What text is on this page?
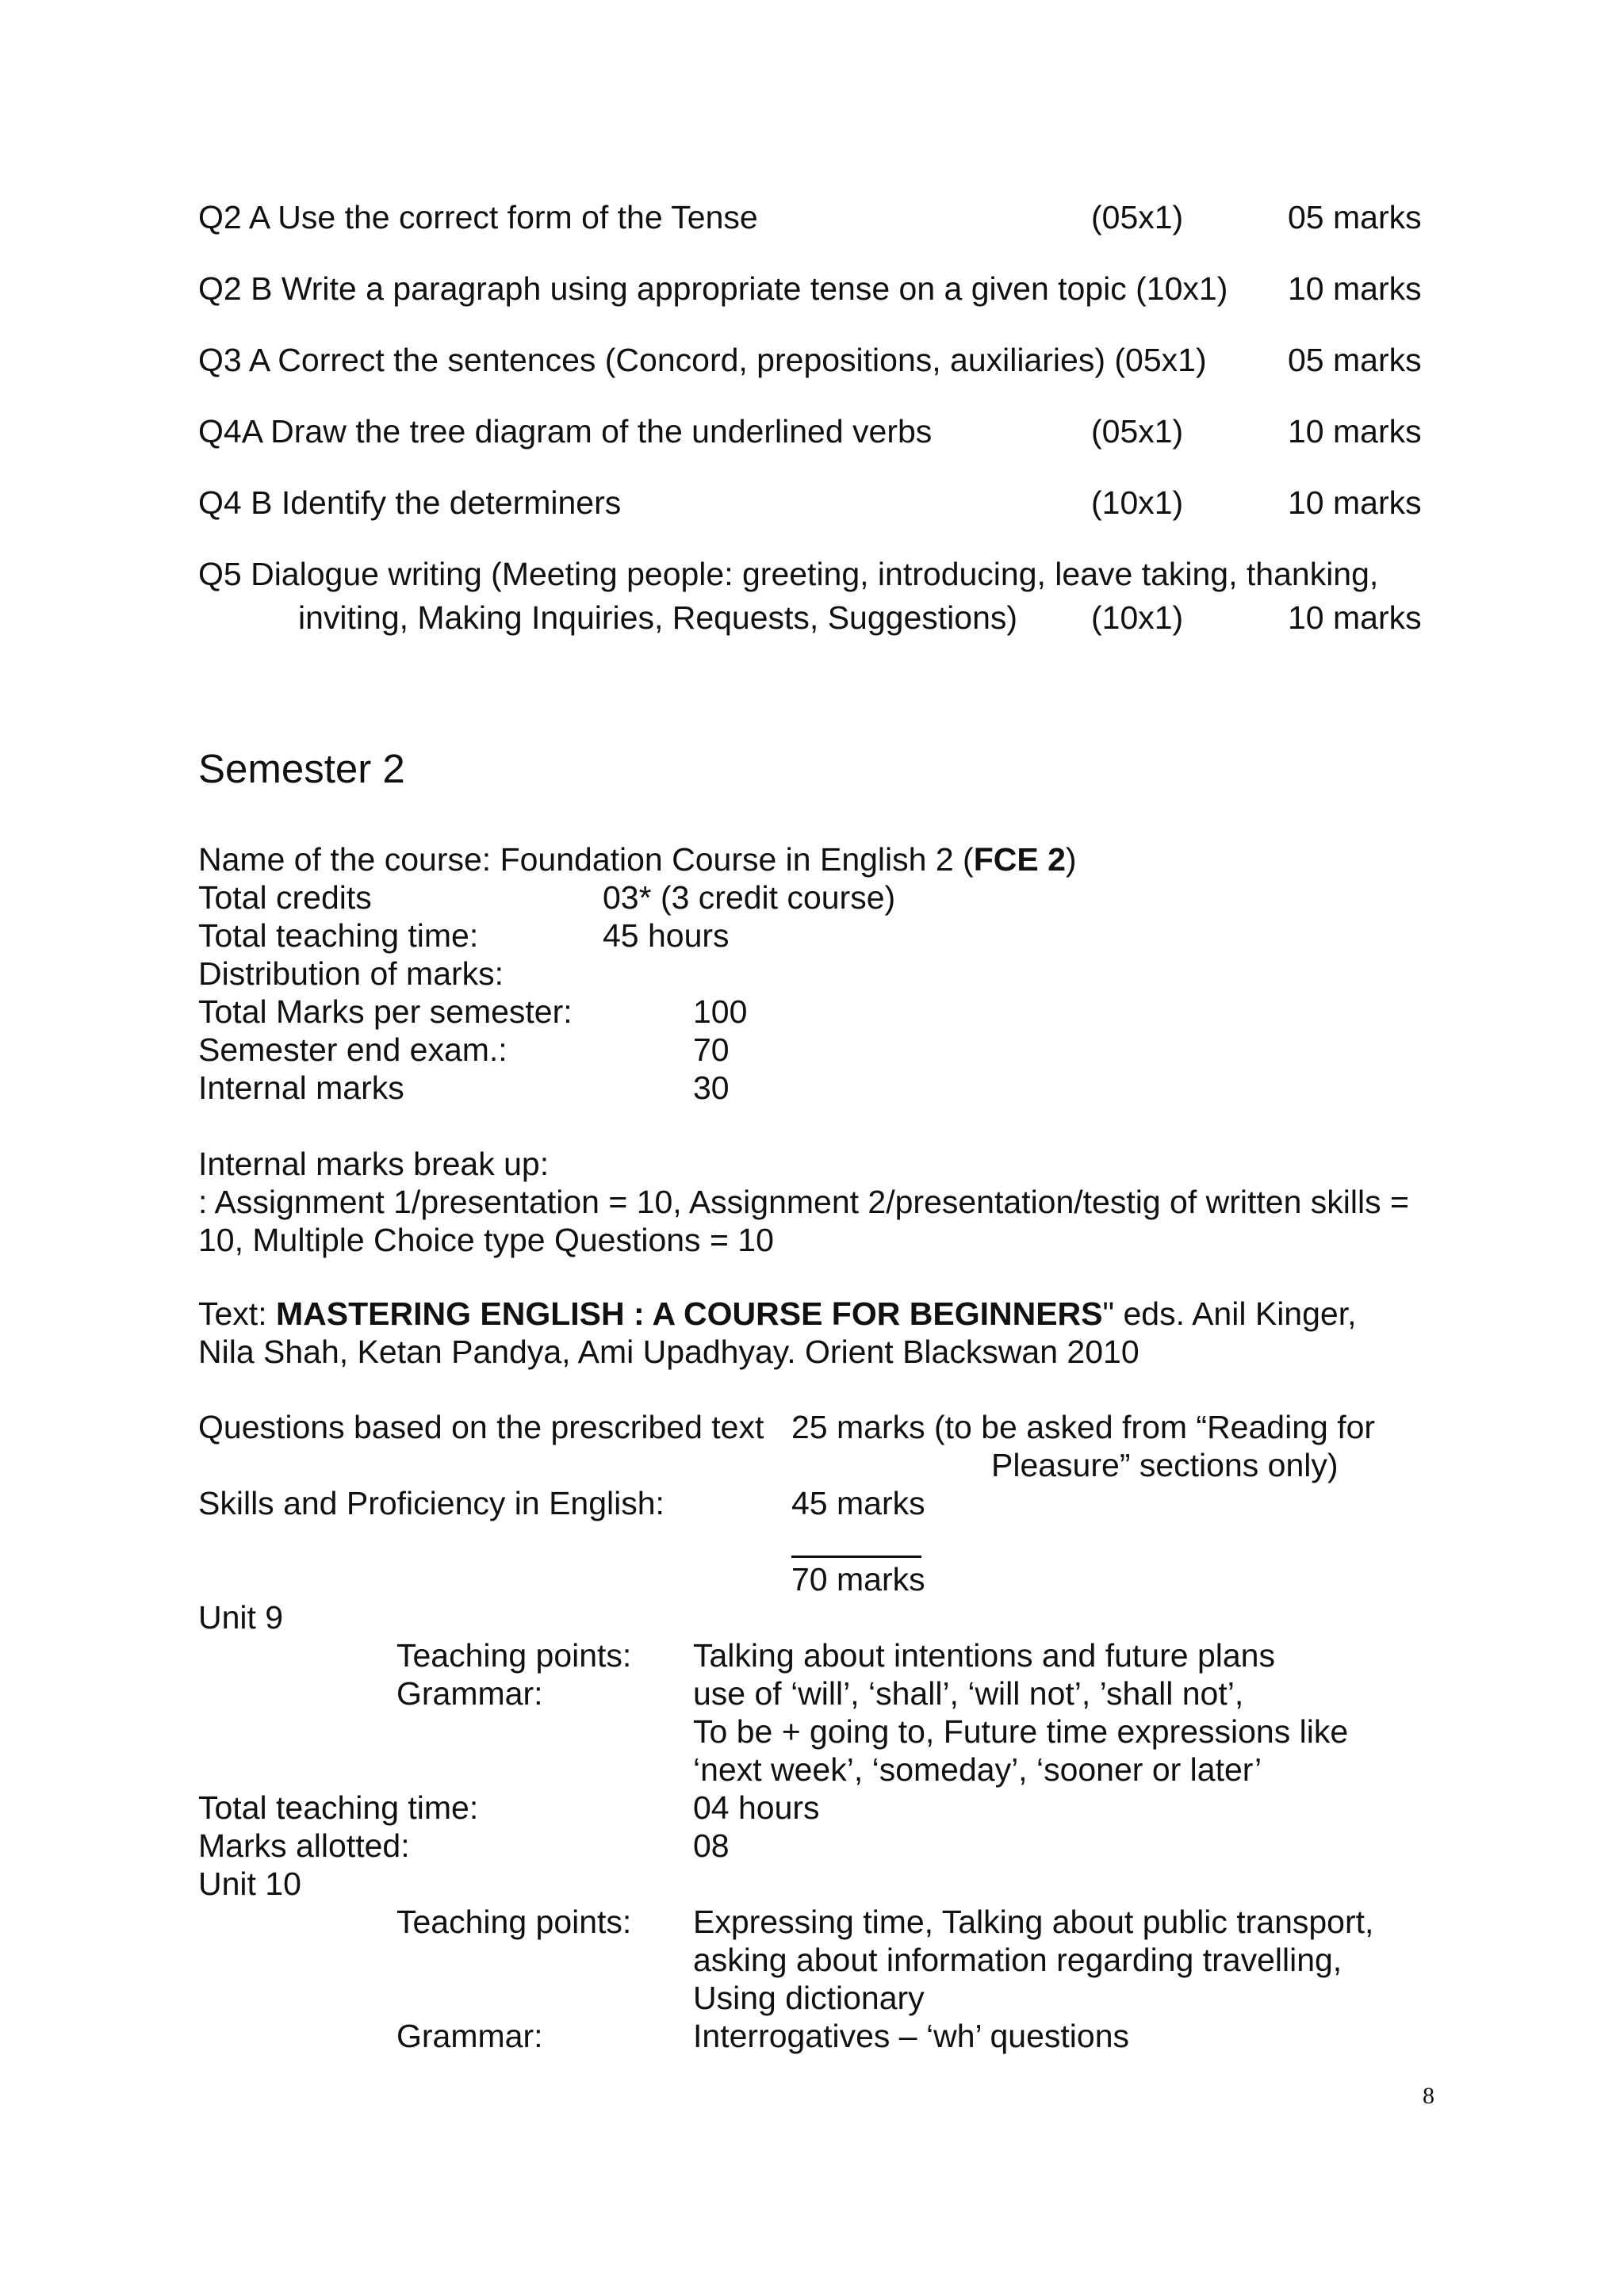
Q2 A Use the correct form of the Tense	(05x1)	05 marks
Q2 B Write a paragraph using appropriate tense on a given topic (10x1) 10 marks
Q3 A Correct the sentences (Concord, prepositions, auxiliaries) (05x1) 05 marks
Q4A Draw the tree diagram of the underlined verbs	(05x1)	10 marks
Q4 B Identify the determiners	(10x1)	10 marks
Q5 Dialogue writing (Meeting people: greeting, introducing, leave taking, thanking,
inviting, Making Inquiries, Requests, Suggestions) (10x1)	10 marks
Semester 2
Name of the course: Foundation Course in English 2 (FCE 2)
Total credits	03* (3 credit course)
Total teaching time:	45 hours
Distribution of marks:
Total Marks per semester:	100
Semester end exam.:	70
Internal marks	30
Internal marks break up:
: Assignment 1/presentation = 10, Assignment 2/presentation/testig of written skills =
10, Multiple Choice type Questions = 10
Text: MASTERING ENGLISH : A COURSE FOR BEGINNERS" eds. Anil Kinger,
Nila Shah, Ketan Pandya, Ami Upadhyay. Orient Blackswan 2010
Questions based on the prescribed text 25 marks (to be asked from “Reading for
Pleasure” sections only)
Skills and Proficiency in English:	45 marks
70 marks
Unit 9
Teaching points: Talking about intentions and future plans
Grammar:	use of ‘will’, ‘shall’, ‘will not’, ’shall not’,
To be + going to, Future time expressions like
‘next week’, ‘someday’, ‘sooner or later’
Total teaching time:	04 hours
Marks allotted:	08
Unit 10
Teaching points: Expressing time, Talking about public transport,
asking about information regarding travelling,
Using dictionary
Grammar:	Interrogatives – ‘wh’ questions
8
